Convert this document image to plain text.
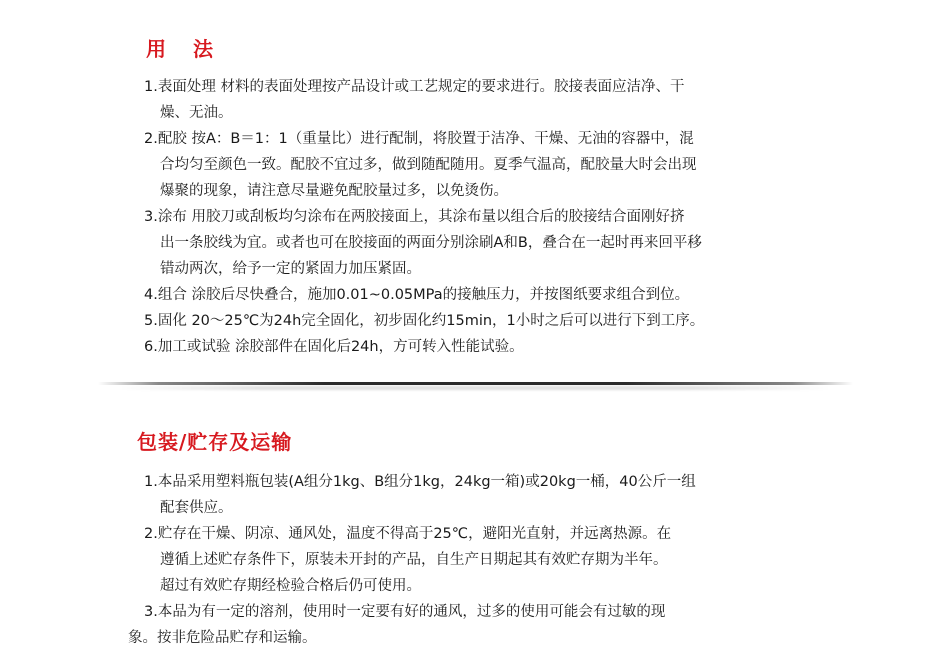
用 法
1.表面处理 材料的表面处理按产品设计或工艺规定的要求进行。胶接表面应洁净、干
燥、无油。
2.配胶 按A：B＝1：1（重量比）进行配制，将胶置于洁净、干燥、无油的容器中，混
合均匀至颜色一致。配胶不宜过多，做到随配随用。夏季气温高，配胶量大时会出现
爆聚的现象，请注意尽量避免配胶量过多，以免烫伤。
3.涂布 用胶刀或刮板均匀涂布在两胶接面上，其涂布量以组合后的胶接结合面刚好挤
出一条胶线为宜。或者也可在胶接面的两面分别涂刷A和B，叠合在一起时再来回平移
错动两次，给予一定的紧固力加压紧固。
4.组合 涂胶后尽快叠合，施加0.01~0.05MPa的接触压力，并按图纸要求组合到位。
5.固化 20～25℃为24h完全固化，初步固化约15min，1小时之后可以进行下到工序。
6.加工或试验 涂胶部件在固化后24h，方可转入性能试验。
包装/贮存及运输
1.本品采用塑料瓶包装(A组分1kg、B组分1kg，24kg一箱)或20kg一桶，40公斤一组
配套供应。
2.贮存在干燥、阴凉、通风处，温度不得高于25℃，避阳光直射，并远离热源。在
遵循上述贮存条件下，原装未开封的产品，自生产日期起其有效贮存期为半年。
超过有效贮存期经检验合格后仍可使用。
3.本品为有一定的溶剂，使用时一定要有好的通风，过多的使用可能会有过敏的现
象。按非危险品贮存和运输。
